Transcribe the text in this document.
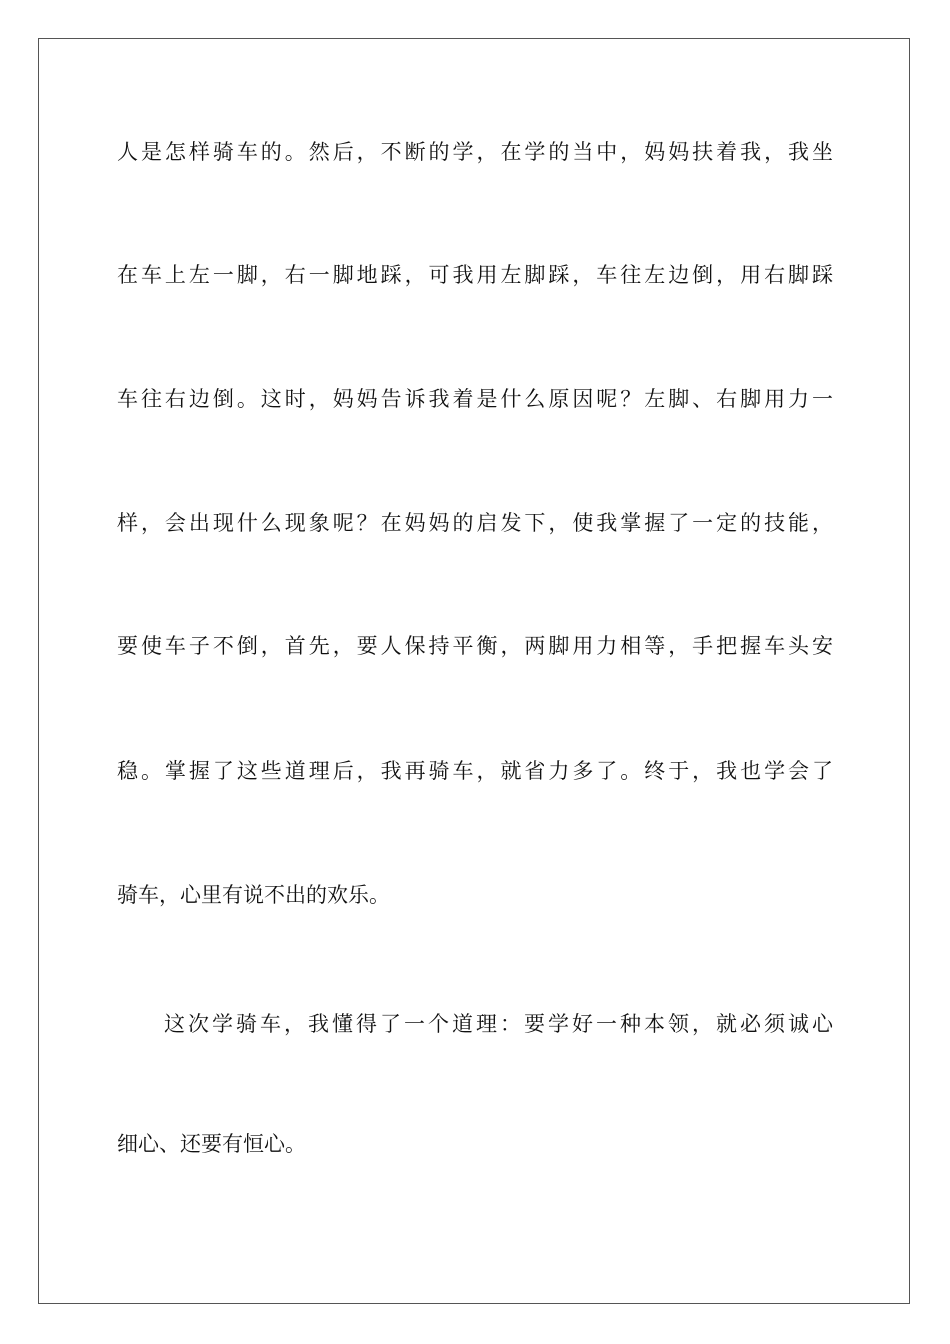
人是怎样骑车的。然后，不断的学，在学的当中，妈妈扶着我，我坐
在车上左一脚，右一脚地踩，可我用左脚踩，车往左边倒，用右脚踩
车往右边倒。这时，妈妈告诉我着是什么原因呢？左脚、右脚用力一
样，会出现什么现象呢？在妈妈的启发下，使我掌握了一定的技能，
要使车子不倒，首先，要人保持平衡，两脚用力相等，手把握车头安
稳。掌握了这些道理后，我再骑车，就省力多了。终于，我也学会了
骑车，心里有说不出的欢乐。
这次学骑车，我懂得了一个道理：要学好一种本领，就必须诚心
细心、还要有恒心。
